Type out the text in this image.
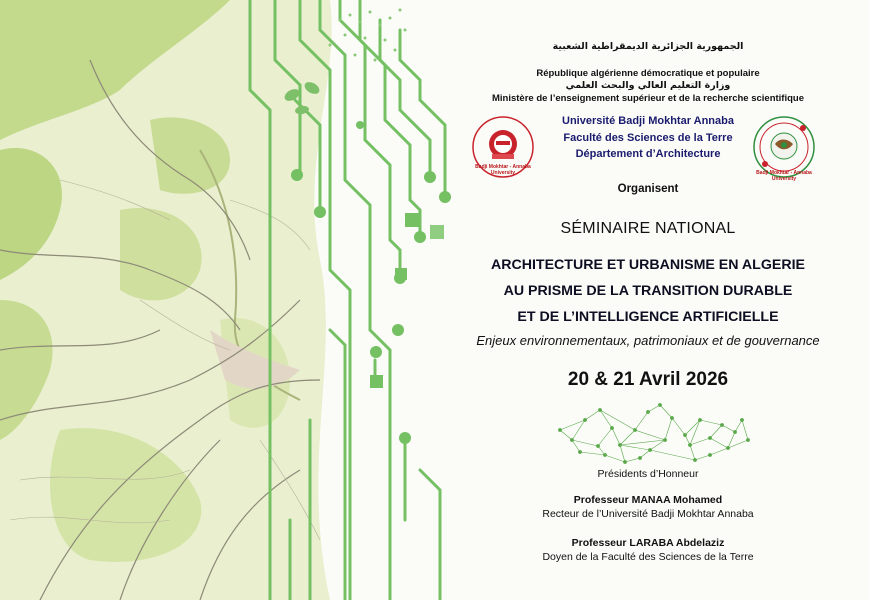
Badji Mokhtar - Annaba University	Badji Mokhtar - Annaba University
الجمهورية الجزائرية الديمقراطية الشعبية
République algérienne démocratique et populaire
وزارة التعليم العالي والبحث العلمي
Ministère de l’enseignement supérieur et de la recherche scientifique
Université Badji Mokhtar Annaba
Faculté des Sciences de la Terre
Département d’Architecture
Organisent
SÉMINAIRE NATIONAL
ARCHITECTURE ET URBANISME EN ALGERIE
AU PRISME DE LA TRANSITION DURABLE
ET DE L’INTELLIGENCE ARTIFICIELLE
Enjeux environnementaux, patrimoniaux et de gouvernance
20 & 21 Avril 2026
Présidents d’Honneur
Professeur MANAA Mohamed
Recteur de l’Université Badji Mokhtar Annaba
Professeur LARABA Abdelaziz
Doyen de la Faculté des Sciences de la Terre
